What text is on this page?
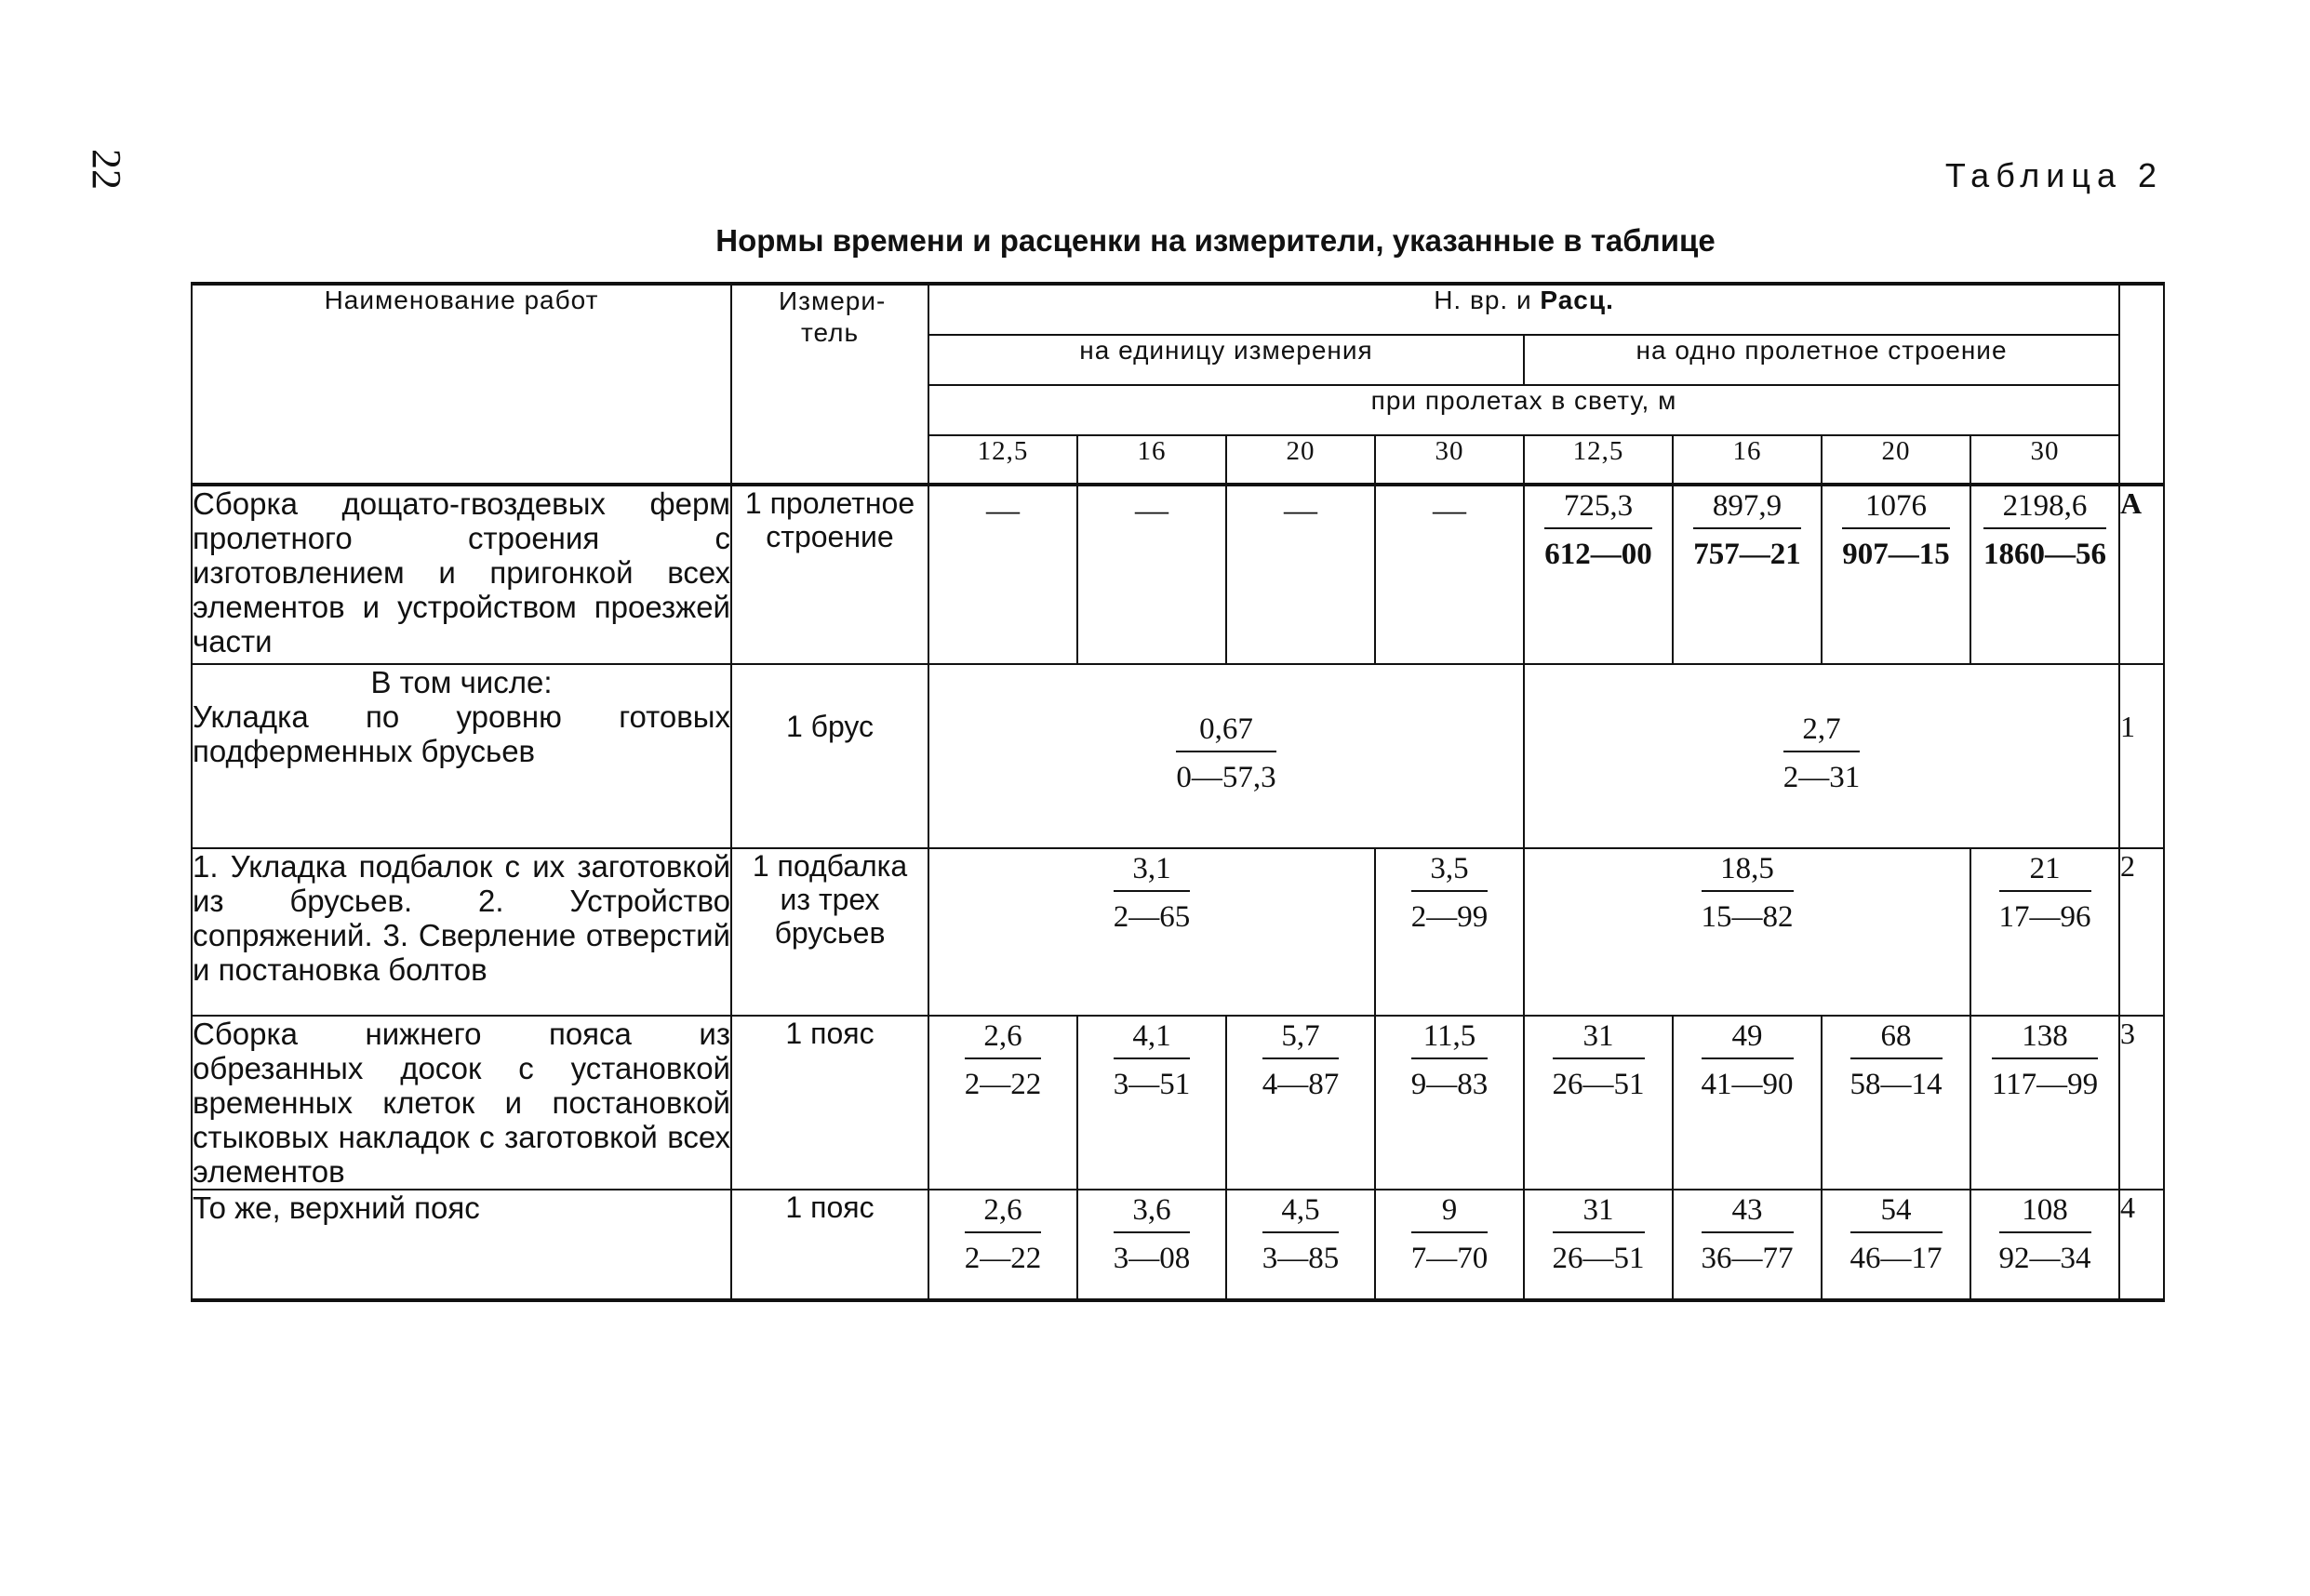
22	Таблица 2
Нормы времени и расценки на измерители, указанные в таблице
Наименование работ	Измери-тель	Н. вр. и Расц.								
		на единицу измерения				на одно пролетное строение				
		при пролетах в свету, м								
		12,5	16	20	30	12,5	16	20	30	
Сборка дощато-гвоздевых ферм пролетного строения с изготовлением и пригонкой всех элементов и устройством проезжей части	1 пролетное строение	—	—	—	—	$\frac{725,3}{612—00}$	$\frac{897,9}{757—21}$	$\frac{1076}{907—15}$	$\frac{2198,6}{1860—56}$	А

В том числе:
Укладка по уровню готовых подферменных брусьев	1 брус	$\frac{0,67}{0—57,3}$				$\frac{2,7}{2—31}$				1
1. Укладка подбалок с их заготовкой из брусьев. 2. Устройство сопряжений. 3. Сверление отверстий и постановка болтов	1 подбалка из трех брусьев	$\frac{3,1}{2—65}$			$\frac{3,5}{2—99}$	$\frac{18,5}{15—82}$			$\frac{21}{17—96}$	2
Сборка нижнего пояса из обрезанных досок с установкой временных клеток и постановкой стыковых накладок с заготовкой всех элементов	1 пояс	$\frac{2,6}{2—22}$	$\frac{4,1}{3—51}$	$\frac{5,7}{4—87}$	$\frac{11,5}{9—83}$	$\frac{31}{26—51}$	$\frac{49}{41—90}$	$\frac{68}{58—14}$	$\frac{138}{117—99}$	3
То же, верхний пояс	1 пояс	$\frac{2,6}{2—22}$	$\frac{3,6}{3—08}$	$\frac{4,5}{3—85}$	$\frac{9}{7—70}$	$\frac{31}{26—51}$	$\frac{43}{36—77}$	$\frac{54}{46—17}$	$\frac{108}{92—34}$	4
